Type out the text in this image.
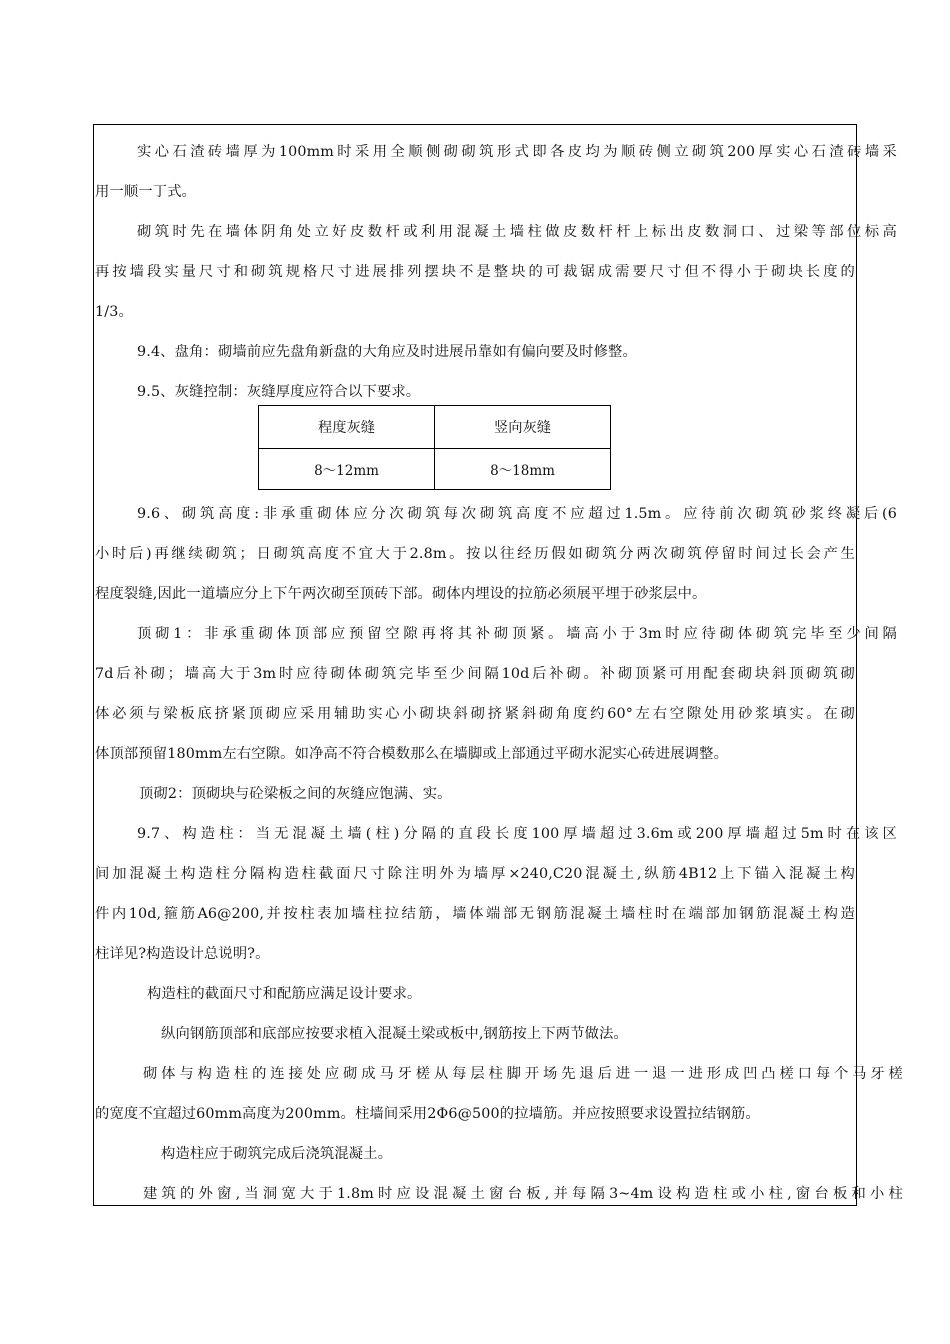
实心石渣砖墙厚为100mm时采用全顺侧砌砌筑形式即各皮均为顺砖侧立砌筑200厚实心石渣砖墙采
用一顺一丁式。
砌筑时先在墙体阴角处立好皮数杆或利用混凝土墙柱做皮数杆杆上标出皮数洞口、过梁等部位标高
再按墙段实量尺寸和砌筑规格尺寸进展排列摆块不是整块的可裁锯成需要尺寸但不得小于砌块长度的
1/3。
9.4、盘角：砌墙前应先盘角新盘的大角应及时进展吊靠如有偏向要及时修整。
9.5、灰缝控制：灰缝厚度应符合以下要求。
程度灰缝	竖向灰缝
8～12mm	8～18mm
9.6、砌筑高度:非承重砌体应分次砌筑每次砌筑高度不应超过1.5m。应待前次砌筑砂浆终凝后(6
小时后)再继续砌筑；日砌筑高度不宜大于2.8m。按以往经历假如砌筑分两次砌筑停留时间过长会产生
程度裂缝,因此一道墙应分上下午两次砌至顶砖下部。砌体内埋设的拉筋必须展平埋于砂浆层中。
顶砌1：非承重砌体顶部应预留空隙再将其补砌顶紧。墙高小于3m时应待砌体砌筑完毕至少间隔
7d后补砌；墙高大于3m时应待砌体砌筑完毕至少间隔10d后补砌。补砌顶紧可用配套砌块斜顶砌筑砌
体必须与梁板底挤紧顶砌应采用辅助实心小砌块斜砌挤紧斜砌角度约60°左右空隙处用砂浆填实。在砌
体顶部预留180mm左右空隙。如净高不符合模数那么在墙脚或上部通过平砌水泥实心砖进展调整。
顶砌2：顶砌块与砼梁板之间的灰缝应饱满、实。
9.7、构造柱：当无混凝土墙(柱)分隔的直段长度100厚墙超过3.6m或200厚墙超过5m时在该区
间加混凝土构造柱分隔构造柱截面尺寸除注明外为墙厚×240,C20混凝土,纵筋4B12上下锚入混凝土构
件内10d,箍筋A6@200,并按柱表加墙柱拉结筋，墙体端部无钢筋混凝土墙柱时在端部加钢筋混凝土构造
柱详见?构造设计总说明?。
构造柱的截面尺寸和配筋应满足设计要求。
纵向钢筋顶部和底部应按要求植入混凝土梁或板中,钢筋按上下两节做法。
砌体与构造柱的连接处应砌成马牙槎从每层柱脚开场先退后进一退一进形成凹凸槎口每个马牙槎
的宽度不宜超过60mm高度为200mm。柱墙间采用2Φ6@500的拉墙筋。并应按照要求设置拉结钢筋。
构造柱应于砌筑完成后浇筑混凝土。
建筑的外窗,当洞宽大于1.8m时应设混凝土窗台板,并每隔3~4m设构造柱或小柱,窗台板和小柱
